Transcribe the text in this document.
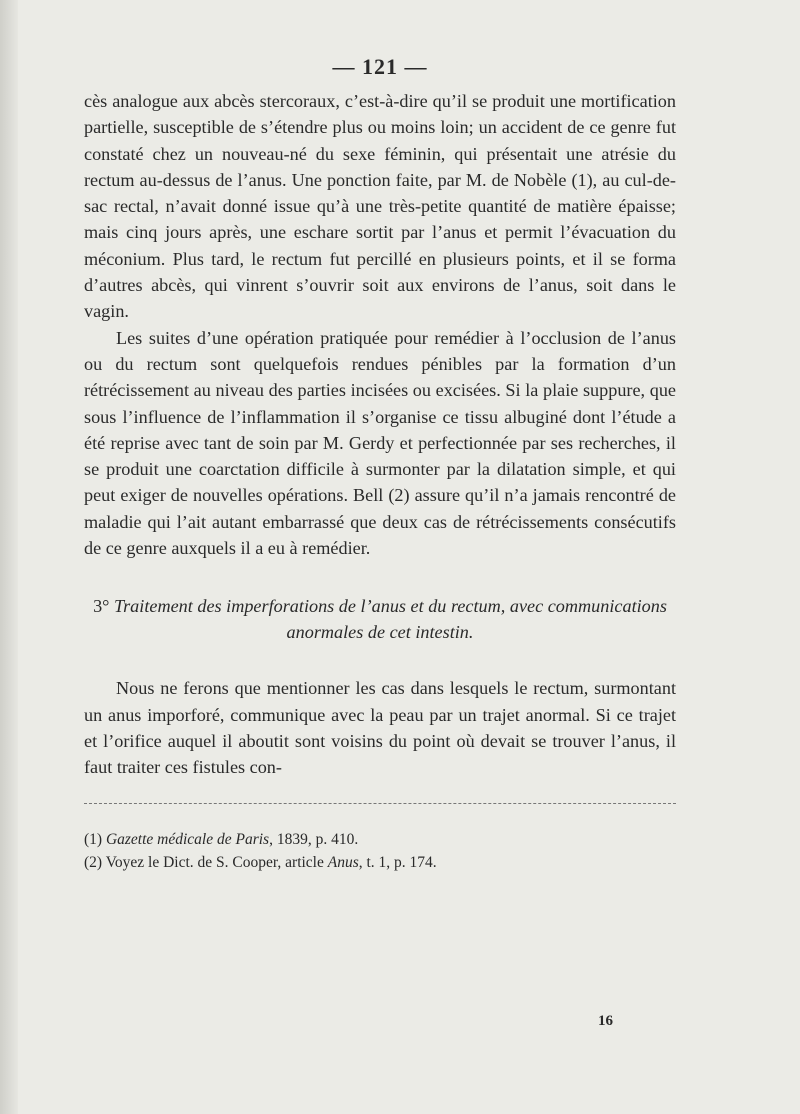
— 121 —

cès analogue aux abcès stercoraux, c’est-à-dire qu’il se produit une mortification partielle, susceptible de s’étendre plus ou moins loin; un accident de ce genre fut constaté chez un nouveau-né du sexe féminin, qui présentait une atrésie du rectum au-dessus de l’anus. Une ponction faite, par M. de Nobèle (1), au cul-de-sac rectal, n’avait donné issue qu’à une très-petite quantité de matière épaisse; mais cinq jours après, une eschare sortit par l’anus et permit l’évacuation du méconium. Plus tard, le rectum fut percillé en plusieurs points, et il se forma d’autres abcès, qui vinrent s’ouvrir soit aux environs de l’anus, soit dans le vagin.

Les suites d’une opération pratiquée pour remédier à l’occlusion de l’anus ou du rectum sont quelquefois rendues pénibles par la formation d’un rétrécissement au niveau des parties incisées ou excisées. Si la plaie suppure, que sous l’influence de l’inflammation il s’organise ce tissu albuginé dont l’étude a été reprise avec tant de soin par M. Gerdy et perfectionnée par ses recherches, il se produit une coarctation difficile à surmonter par la dilatation simple, et qui peut exiger de nouvelles opérations. Bell (2) assure qu’il n’a jamais rencontré de maladie qui l’ait autant embarrassé que deux cas de rétrécissements consécutifs de ce genre auxquels il a eu à remédier.

3° Traitement des imperforations de l’anus et du rectum, avec communications anormales de cet intestin.

Nous ne ferons que mentionner les cas dans lesquels le rectum, surmontant un anus imporforé, communique avec la peau par un trajet anormal. Si ce trajet et l’orifice auquel il aboutit sont voisins du point où devait se trouver l’anus, il faut traiter ces fistules con-

(1) Gazette médicale de Paris, 1839, p. 410.

(2) Voyez le Dict. de S. Cooper, article Anus, t. 1, p. 174.

16
